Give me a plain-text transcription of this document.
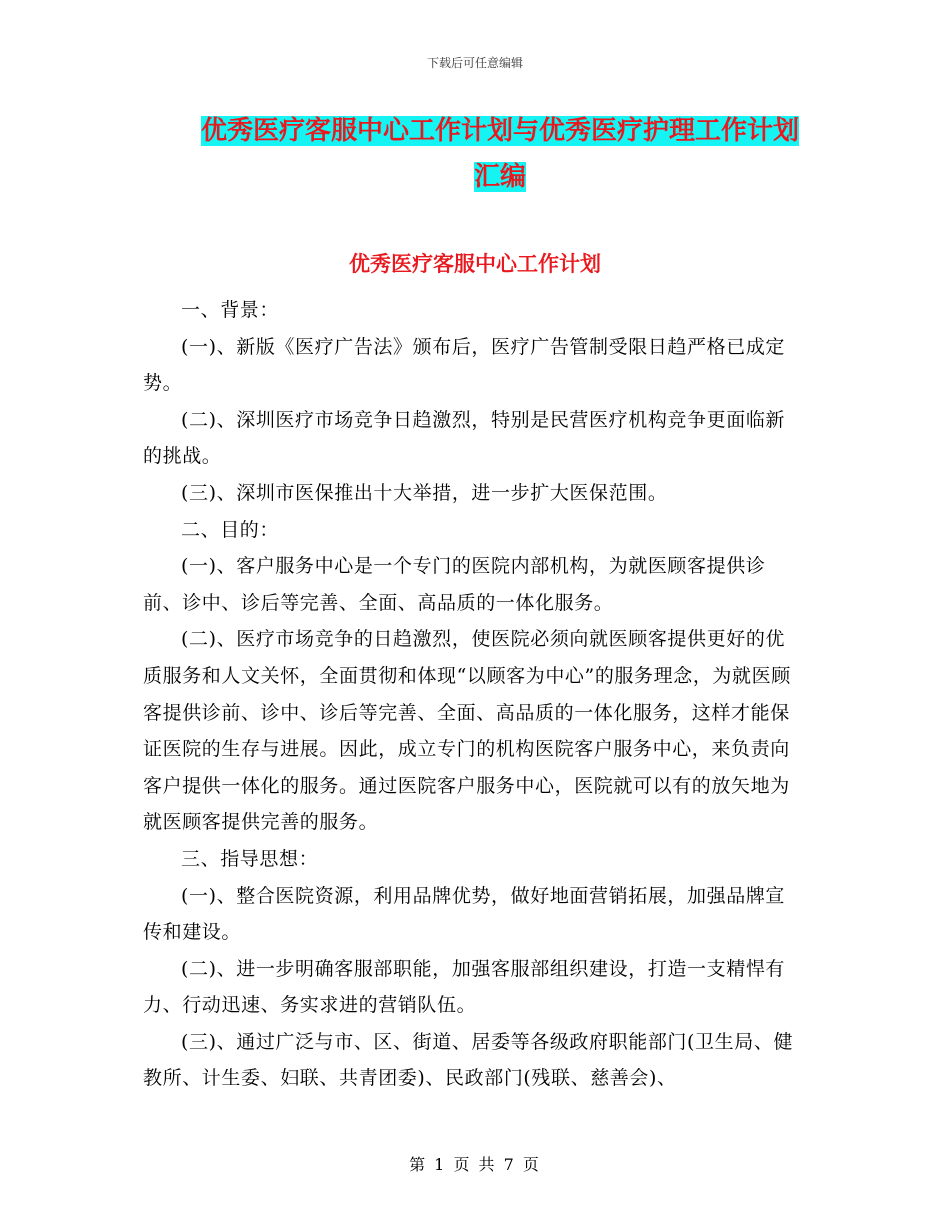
下载后可任意编辑
优秀医疗客服中心工作计划与优秀医疗护理工作计划
汇编
优秀医疗客服中心工作计划

一、背景：

(一)、新版《医疗广告法》颁布后，医疗广告管制受限日趋严格已成定势。

(二)、深圳医疗市场竞争日趋激烈，特别是民营医疗机构竞争更面临新的挑战。

(三)、深圳市医保推出十大举措，进一步扩大医保范围。

二、目的：

(一)、客户服务中心是一个专门的医院内部机构，为就医顾客提供诊前、诊中、诊后等完善、全面、高品质的一体化服务。

(二)、医疗市场竞争的日趋激烈，使医院必须向就医顾客提供更好的优质服务和人文关怀，全面贯彻和体现“以顾客为中心”的服务理念，为就医顾客提供诊前、诊中、诊后等完善、全面、高品质的一体化服务，这样才能保证医院的生存与进展。因此，成立专门的机构医院客户服务中心，来负责向客户提供一体化的服务。通过医院客户服务中心，医院就可以有的放矢地为就医顾客提供完善的服务。

三、指导思想：

(一)、整合医院资源，利用品牌优势，做好地面营销拓展，加强品牌宣传和建设。

(二)、进一步明确客服部职能，加强客服部组织建设，打造一支精悍有力、行动迅速、务实求进的营销队伍。

(三)、通过广泛与市、区、街道、居委等各级政府职能部门(卫生局、健教所、计生委、妇联、共青团委)、民政部门(残联、慈善会)、

第 1 页 共 7 页
